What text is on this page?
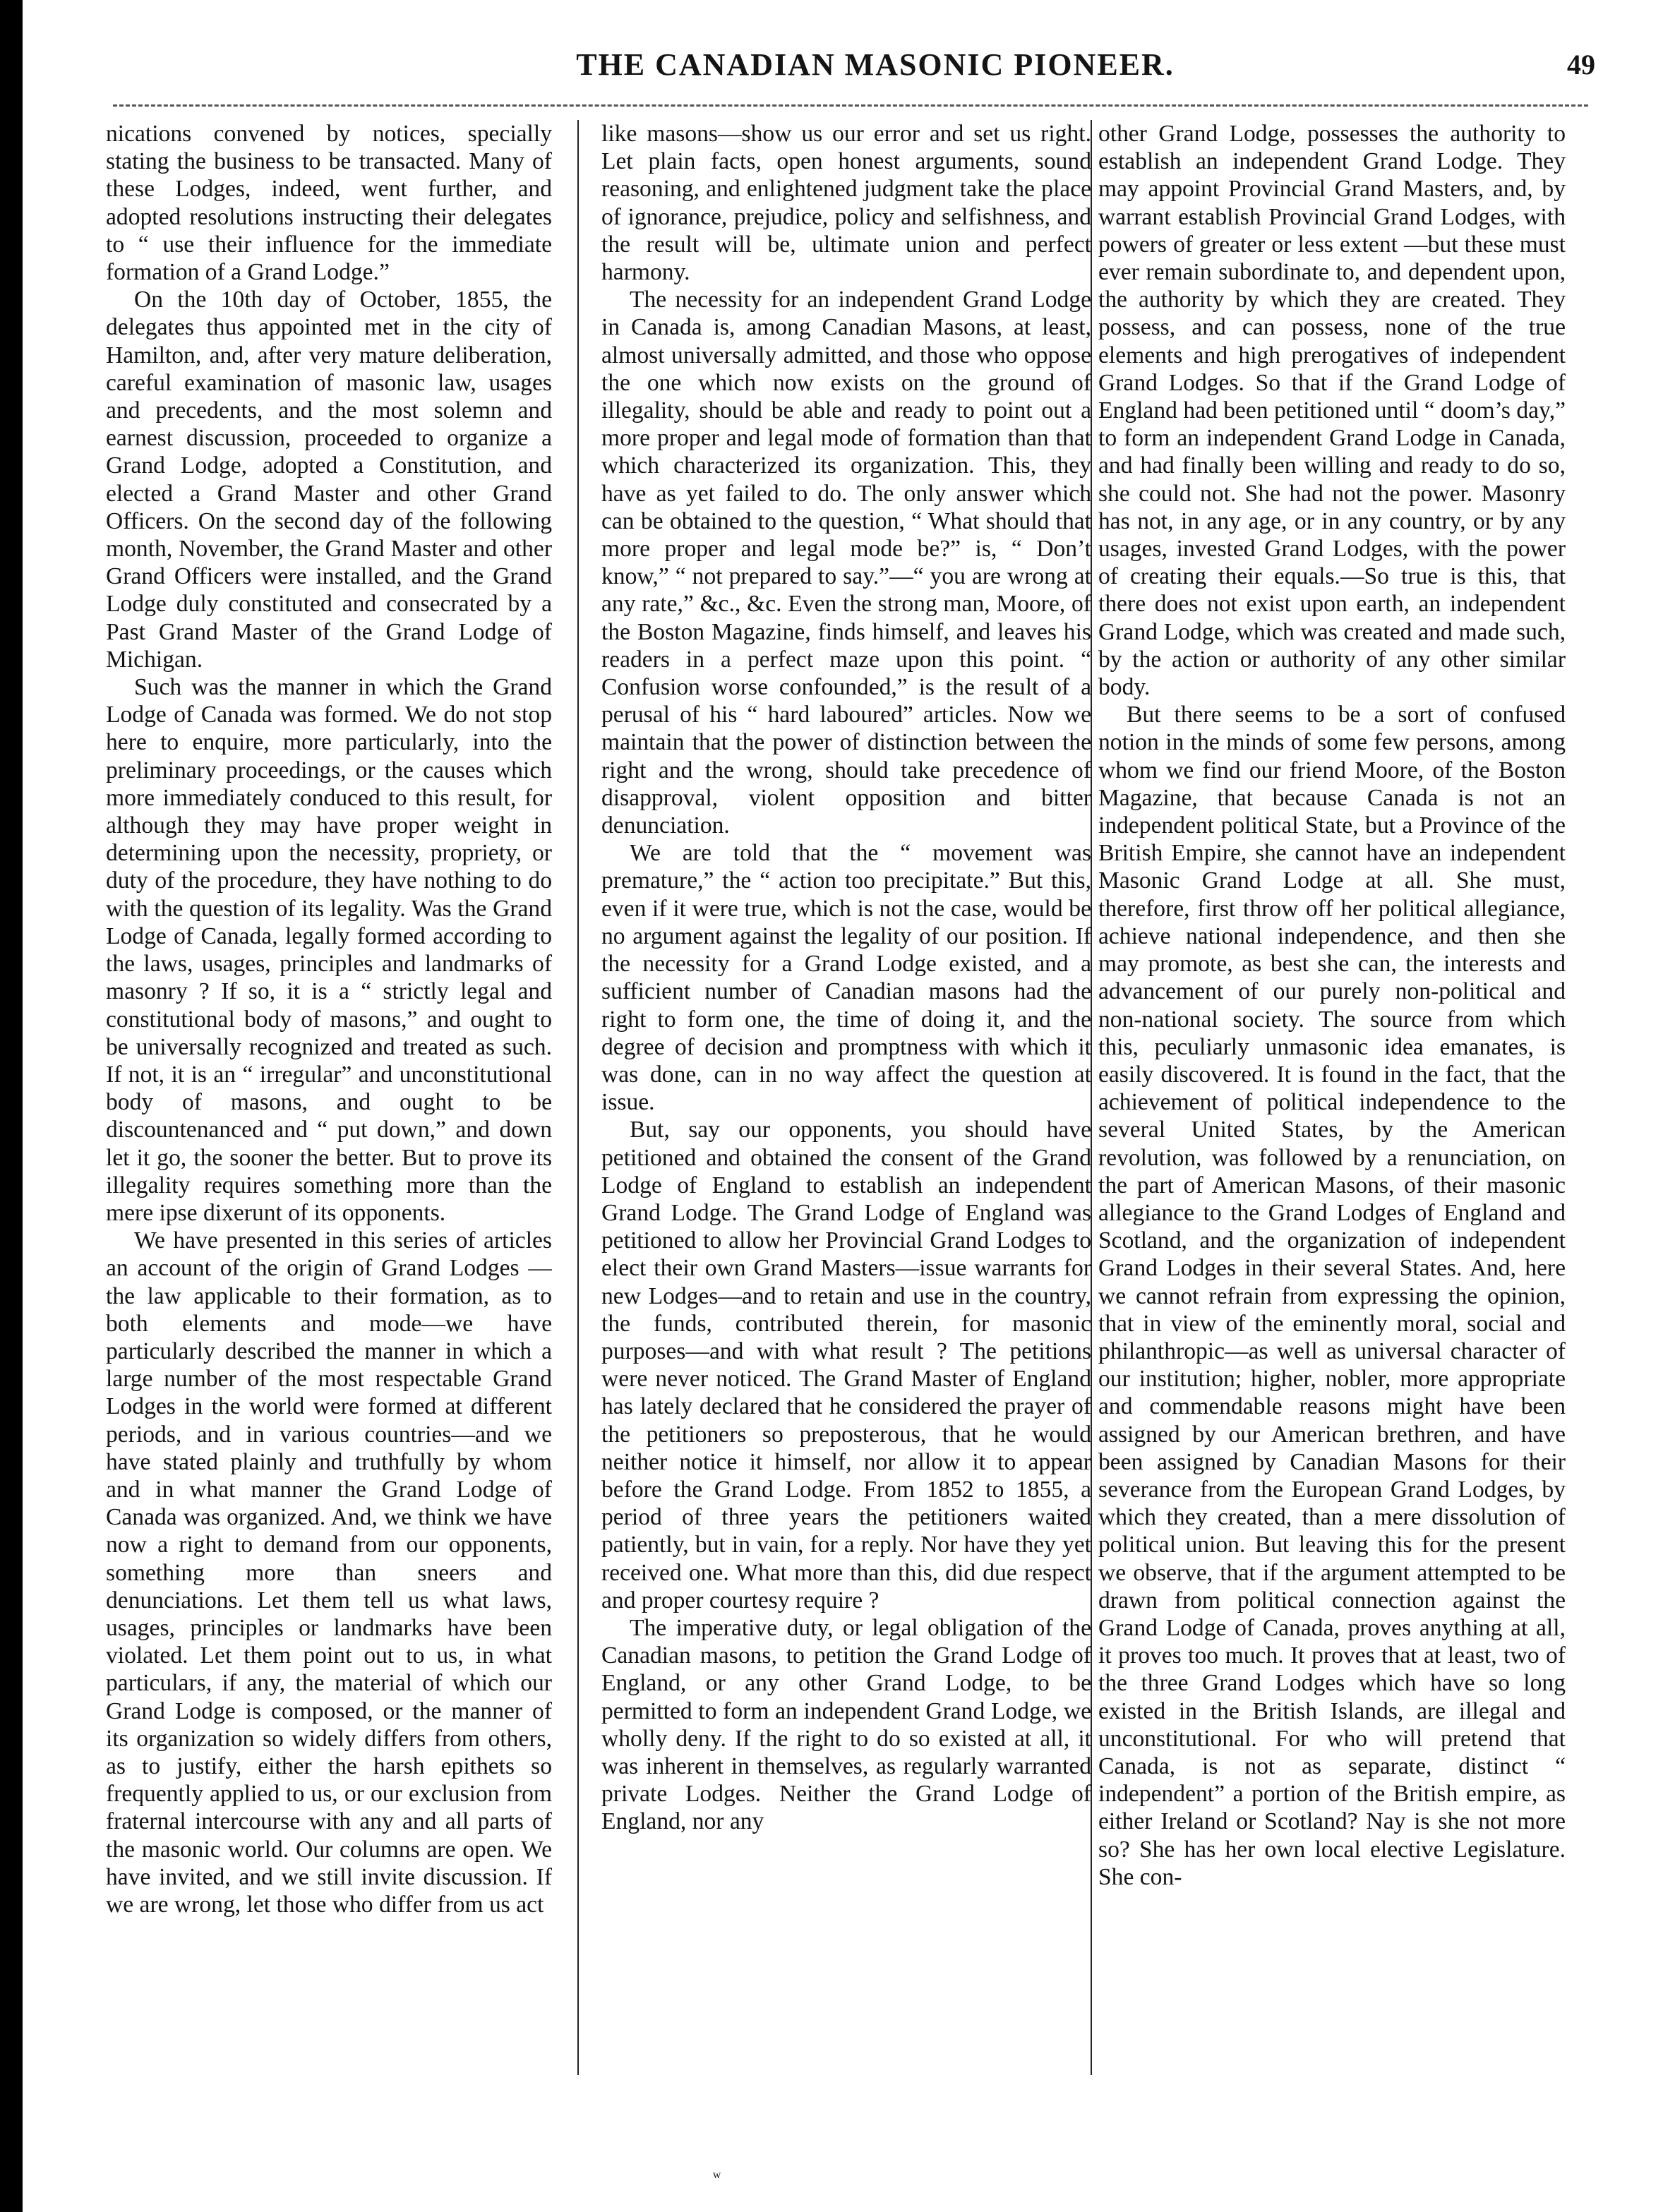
THE CANADIAN MASONIC PIONEER.	49

nications convened by notices, specially stating the business to be transacted. Many of these Lodges, indeed, went further, and adopted resolutions instructing their delegates to “ use their influence for the immediate formation of a Grand Lodge.”

On the 10th day of October, 1855, the delegates thus appointed met in the city of Hamilton, and, after very mature deliberation, careful examination of masonic law, usages and precedents, and the most solemn and earnest discussion, proceeded to organize a Grand Lodge, adopted a Constitution, and elected a Grand Master and other Grand Officers. On the second day of the following month, November, the Grand Master and other Grand Officers were installed, and the Grand Lodge duly constituted and consecrated by a Past Grand Master of the Grand Lodge of Michigan.

Such was the manner in which the Grand Lodge of Canada was formed. We do not stop here to enquire, more particularly, into the preliminary proceedings, or the causes which more immediately conduced to this result, for although they may have proper weight in determining upon the necessity, propriety, or duty of the procedure, they have nothing to do with the question of its legality. Was the Grand Lodge of Canada, legally formed according to the laws, usages, principles and landmarks of masonry ? If so, it is a “ strictly legal and constitutional body of masons,” and ought to be universally recognized and treated as such. If not, it is an “ irregular” and unconstitutional body of masons, and ought to be discountenanced and “ put down,” and down let it go, the sooner the better. But to prove its illegality requires something more than the mere ipse dixerunt of its opponents.

We have presented in this series of articles an account of the origin of Grand Lodges —the law applicable to their formation, as to both elements and mode—we have particularly described the manner in which a large number of the most respectable Grand Lodges in the world were formed at different periods, and in various countries—and we have stated plainly and truthfully by whom and in what manner the Grand Lodge of Canada was organized. And, we think we have now a right to demand from our opponents, something more than sneers and denunciations. Let them tell us what laws, usages, principles or landmarks have been violated. Let them point out to us, in what particulars, if any, the material of which our Grand Lodge is composed, or the manner of its organization so widely differs from others, as to justify, either the harsh epithets so frequently applied to us, or our exclusion from fraternal intercourse with any and all parts of the masonic world. Our columns are open. We have invited, and we still invite discussion. If we are wrong, let those who differ from us act

like masons—show us our error and set us right. Let plain facts, open honest arguments, sound reasoning, and enlightened judgment take the place of ignorance, prejudice, policy and selfishness, and the result will be, ultimate union and perfect harmony.

The necessity for an independent Grand Lodge in Canada is, among Canadian Masons, at least, almost universally admitted, and those who oppose the one which now exists on the ground of illegality, should be able and ready to point out a more proper and legal mode of formation than that which characterized its organization. This, they have as yet failed to do. The only answer which can be obtained to the question, “ What should that more proper and legal mode be?” is, “ Don’t know,” “ not prepared to say.”—“ you are wrong at any rate,” &c., &c. Even the strong man, Moore, of the Boston Magazine, finds himself, and leaves his readers in a perfect maze upon this point. “ Confusion worse confounded,” is the result of a perusal of his “ hard laboured” articles. Now we maintain that the power of distinction between the right and the wrong, should take precedence of disapproval, violent opposition and bitter denunciation.

We are told that the “ movement was premature,” the “ action too precipitate.” But this, even if it were true, which is not the case, would be no argument against the legality of our position. If the necessity for a Grand Lodge existed, and a sufficient number of Canadian masons had the right to form one, the time of doing it, and the degree of decision and promptness with which it was done, can in no way affect the question at issue.

But, say our opponents, you should have petitioned and obtained the consent of the Grand Lodge of England to establish an independent Grand Lodge. The Grand Lodge of England was petitioned to allow her Provincial Grand Lodges to elect their own Grand Masters—issue warrants for new Lodges—and to retain and use in the country, the funds, contributed therein, for masonic purposes—and with what result ? The petitions were never noticed. The Grand Master of England has lately declared that he considered the prayer of the petitioners so preposterous, that he would neither notice it himself, nor allow it to appear before the Grand Lodge. From 1852 to 1855, a period of three years the petitioners waited patiently, but in vain, for a reply. Nor have they yet received one. What more than this, did due respect and proper courtesy require ?

The imperative duty, or legal obligation of the Canadian masons, to petition the Grand Lodge of England, or any other Grand Lodge, to be permitted to form an independent Grand Lodge, we wholly deny. If the right to do so existed at all, it was inherent in themselves, as regularly warranted private Lodges. Neither the Grand Lodge of England, nor any

other Grand Lodge, possesses the authority to establish an independent Grand Lodge. They may appoint Provincial Grand Masters, and, by warrant establish Provincial Grand Lodges, with powers of greater or less extent —but these must ever remain subordinate to, and dependent upon, the authority by which they are created. They possess, and can possess, none of the true elements and high prerogatives of independent Grand Lodges. So that if the Grand Lodge of England had been petitioned until “ doom’s day,” to form an independent Grand Lodge in Canada, and had finally been willing and ready to do so, she could not. She had not the power. Masonry has not, in any age, or in any country, or by any usages, invested Grand Lodges, with the power of creating their equals.—So true is this, that there does not exist upon earth, an independent Grand Lodge, which was created and made such, by the action or authority of any other similar body.

But there seems to be a sort of confused notion in the minds of some few persons, among whom we find our friend Moore, of the Boston Magazine, that because Canada is not an independent political State, but a Province of the British Empire, she cannot have an independent Masonic Grand Lodge at all. She must, therefore, first throw off her political allegiance, achieve national independence, and then she may promote, as best she can, the interests and advancement of our purely non-political and non-national society. The source from which this, peculiarly unmasonic idea emanates, is easily discovered. It is found in the fact, that the achievement of political independence to the several United States, by the American revolution, was followed by a renunciation, on the part of American Masons, of their masonic allegiance to the Grand Lodges of England and Scotland, and the organization of independent Grand Lodges in their several States. And, here we cannot refrain from expressing the opinion, that in view of the eminently moral, social and philanthropic—as well as universal character of our institution; higher, nobler, more appropriate and commendable reasons might have been assigned by our American brethren, and have been assigned by Canadian Masons for their severance from the European Grand Lodges, by which they created, than a mere dissolution of political union. But leaving this for the present we observe, that if the argument attempted to be drawn from political connection against the Grand Lodge of Canada, proves anything at all, it proves too much. It proves that at least, two of the three Grand Lodges which have so long existed in the British Islands, are illegal and unconstitutional. For who will pretend that Canada, is not as separate, distinct “ independent” a portion of the British empire, as either Ireland or Scotland? Nay is she not more so? She has her own local elective Legislature. She con-

ʷ
